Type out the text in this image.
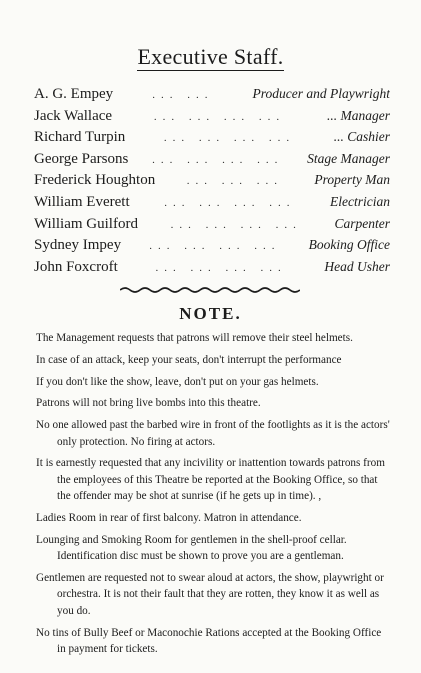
Executive Staff.
A. G. Empey	... ...	Producer and Playwright
Jack Wallace	... ... ... ...	... Manager
Richard Turpin	... ... ... ...	... Cashier
George Parsons	... ... ... ...	Stage Manager
Frederick Houghton	... ... ...	Property Man
William Everett	... ... ... ...	Electrician
William Guilford	... ... ... ...	Carpenter
Sydney Impey	... ... ... ...	Booking Office
John Foxcroft	... ... ... ...	Head Usher
NOTE.
The Management requests that patrons will remove their steel helmets.
In case of an attack, keep your seats, don't interrupt the performance
If you don't like the show, leave, don't put on your gas helmets.
Patrons will not bring live bombs into this theatre.
No one allowed past the barbed wire in front of the footlights as it is the actors' only protection. No firing at actors.
It is earnestly requested that any incivility or inattention towards patrons from the employees of this Theatre be reported at the Booking Office, so that the offender may be shot at sunrise (if he gets up in time). ,
Ladies Room in rear of first balcony. Matron in attendance.
Lounging and Smoking Room for gentlemen in the shell-proof cellar. Identification disc must be shown to prove you are a gentleman.
Gentlemen are requested not to swear aloud at actors, the show, playwright or orchestra. It is not their fault that they are rotten, they know it as well as you do.
No tins of Bully Beef or Maconochie Rations accepted at the Booking Office in payment for tickets.
